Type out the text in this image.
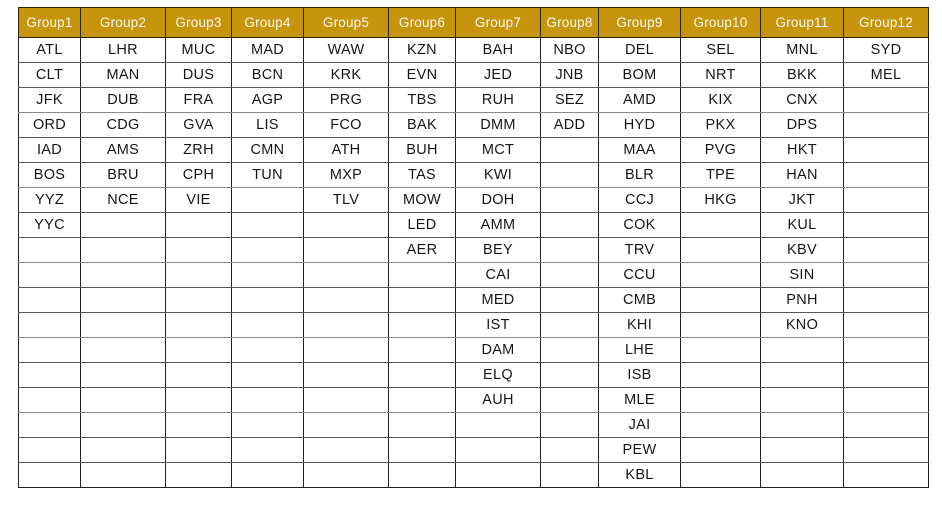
Group1	Group2	Group3	Group4	Group5	Group6	Group7	Group8	Group9	Group10	Group11	Group12
ATL	LHR	MUC	MAD	WAW	KZN	BAH	NBO	DEL	SEL	MNL	SYD
CLT	MAN	DUS	BCN	KRK	EVN	JED	JNB	BOM	NRT	BKK	MEL
JFK	DUB	FRA	AGP	PRG	TBS	RUH	SEZ	AMD	KIX	CNX	
ORD	CDG	GVA	LIS	FCO	BAK	DMM	ADD	HYD	PKX	DPS	
IAD	AMS	ZRH	CMN	ATH	BUH	MCT		MAA	PVG	HKT	
BOS	BRU	CPH	TUN	MXP	TAS	KWI		BLR	TPE	HAN	
YYZ	NCE	VIE		TLV	MOW	DOH		CCJ	HKG	JKT	
YYC					LED	AMM		COK		KUL	
					AER	BEY		TRV		KBV	
						CAI		CCU		SIN	
						MED		CMB		PNH	
						IST		KHI		KNO	
						DAM		LHE			
						ELQ		ISB			
						AUH		MLE			
								JAI			
								PEW			
								KBL			
